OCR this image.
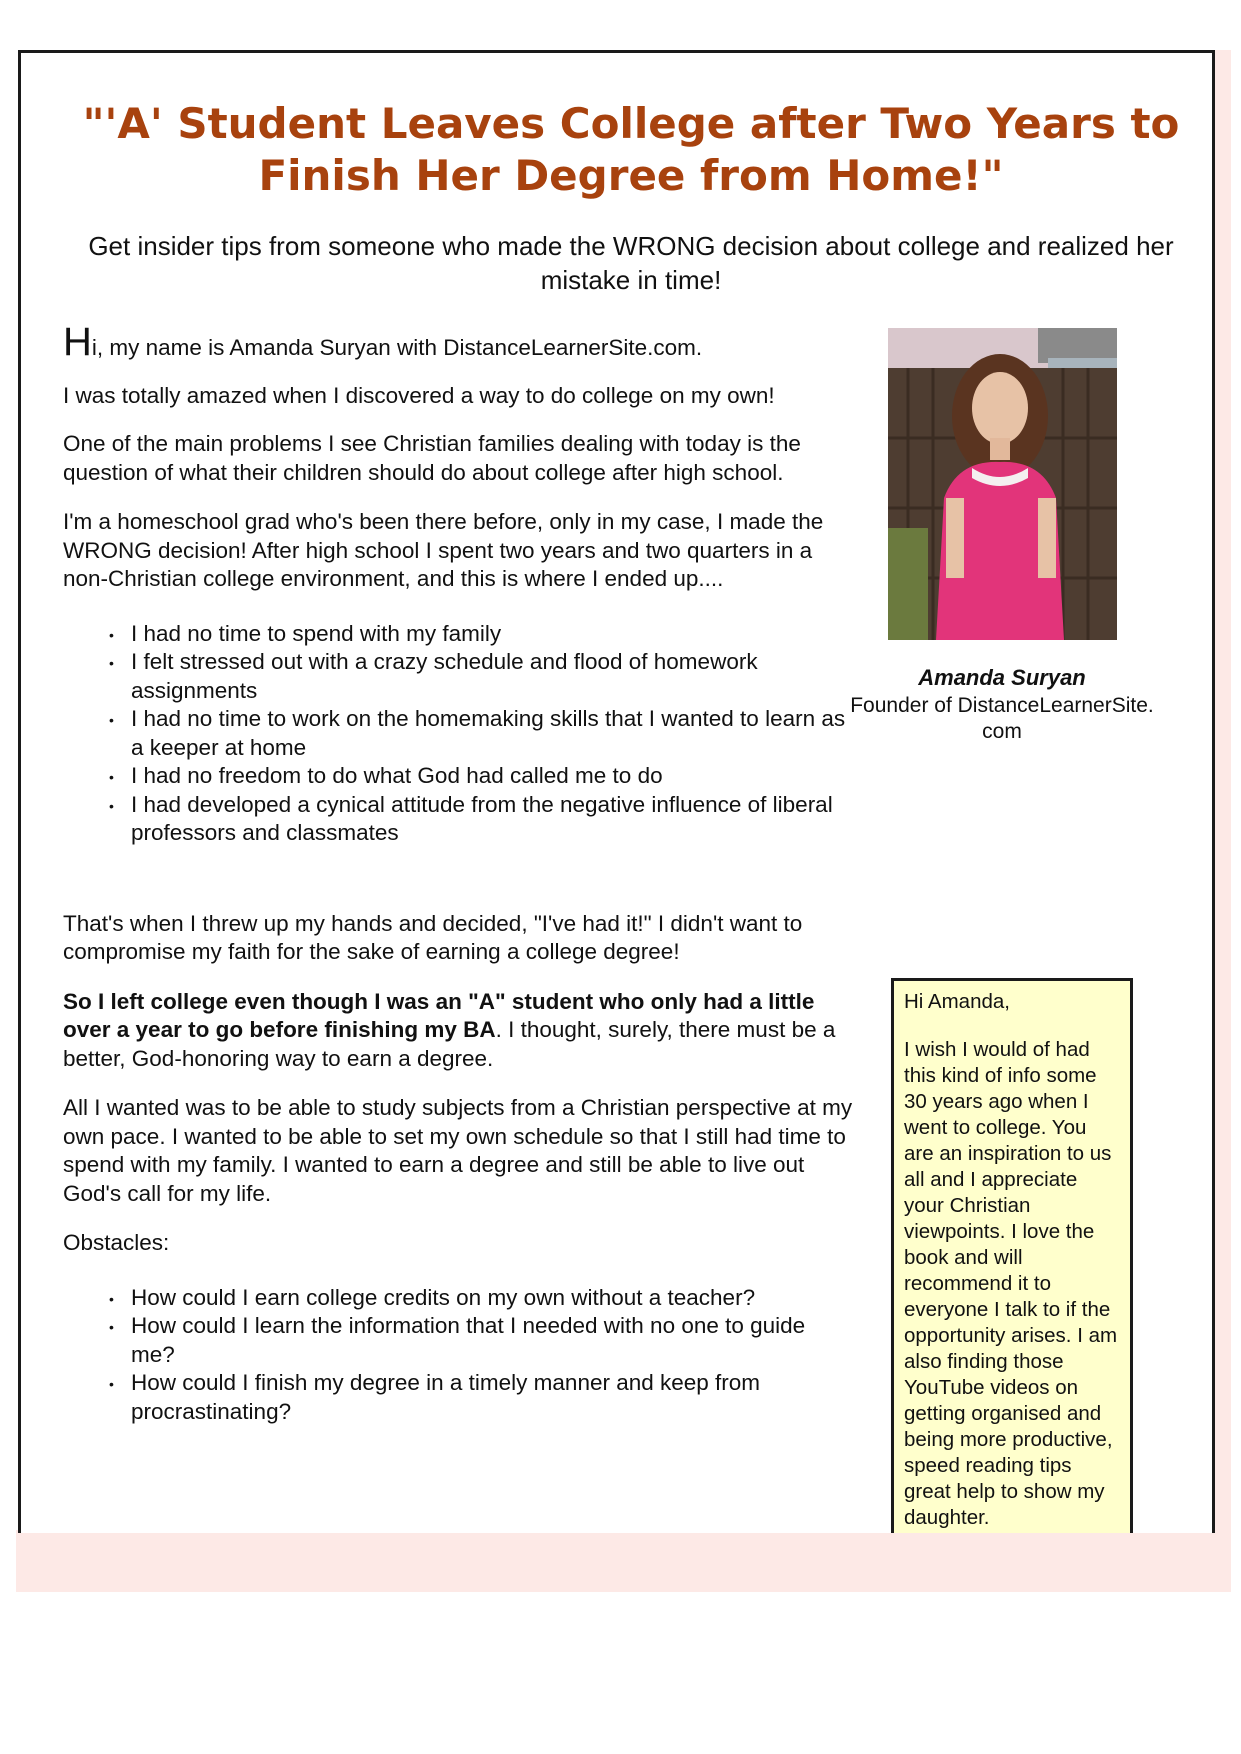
"'A' Student Leaves College after Two Years to Finish Her Degree from Home!"

Get insider tips from someone who made the WRONG decision about college and realized her mistake in time!

Hi, my name is Amanda Suryan with DistanceLearnerSite.com.

I was totally amazed when I discovered a way to do college on my own!

One of the main problems I see Christian families dealing with today is the question of what their children should do about college after high school.

I'm a homeschool grad who's been there before, only in my case, I made the WRONG decision! After high school I spent two years and two quarters in a non-Christian college environment, and this is where I ended up....

• I had no time to spend with my family
• I felt stressed out with a crazy schedule and flood of homework assignments
• I had no time to work on the homemaking skills that I wanted to learn as a keeper at home
• I had no freedom to do what God had called me to do
• I had developed a cynical attitude from the negative influence of liberal professors and classmates

That's when I threw up my hands and decided, "I've had it!" I didn't want to compromise my faith for the sake of earning a college degree!

So I left college even though I was an "A" student who only had a little over a year to go before finishing my BA. I thought, surely, there must be a better, God-honoring way to earn a degree.

All I wanted was to be able to study subjects from a Christian perspective at my own pace. I wanted to be able to set my own schedule so that I still had time to spend with my family. I wanted to earn a degree and still be able to live out God's call for my life.

Obstacles:

• How could I earn college credits on my own without a teacher?
• How could I learn the information that I needed with no one to guide me?
• How could I finish my degree in a timely manner and keep from procrastinating?
Amanda Suryan
Founder of DistanceLearnerSite. com

Hi Amanda,

I wish I would of had this kind of info some 30 years ago when I went to college. You are an inspiration to us all and I appreciate your Christian viewpoints. I love the book and will recommend it to everyone I talk to if the opportunity arises. I am also finding those YouTube videos on getting organised and being more productive, speed reading tips great help to show my daughter.
